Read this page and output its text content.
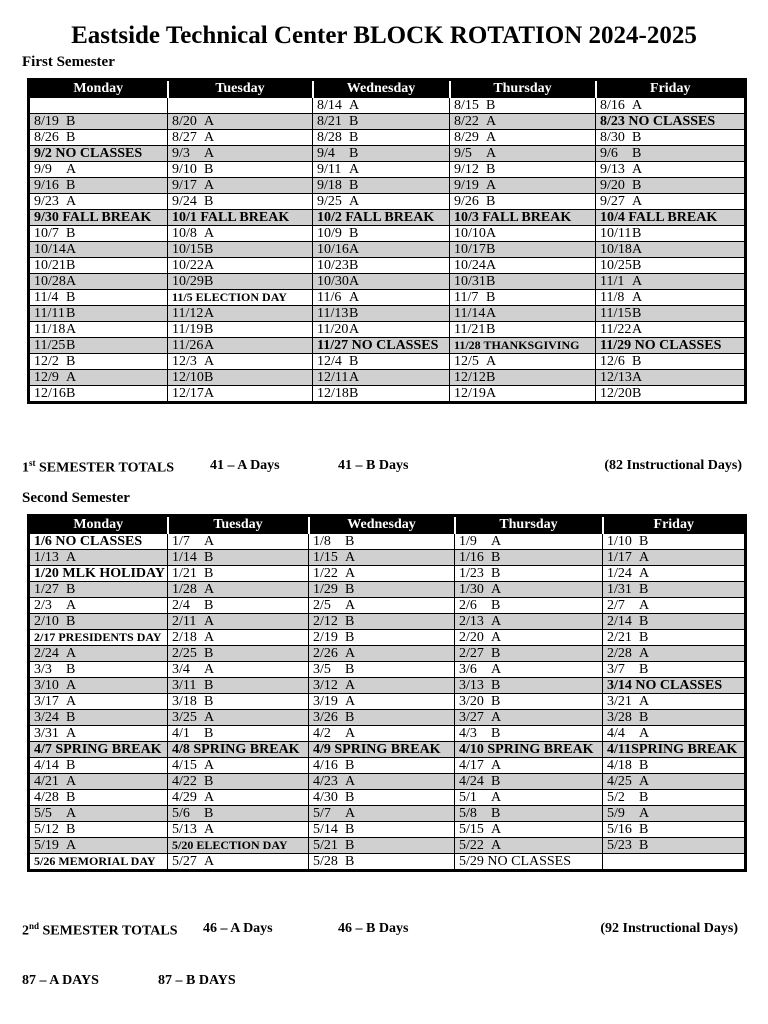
Eastside Technical Center BLOCK ROTATION 2024-2025
First Semester
Monday	Tuesday	Wednesday	Thursday	Friday
		8/14 A	8/15 B	8/16 A
8/19 B	8/20 A	8/21 B	8/22 A	8/23 NO CLASSES
8/26 B	8/27 A	8/28 B	8/29 A	8/30 B
9/2 NO CLASSES	9/3 A	9/4 B	9/5 A	9/6 B
9/9 A	9/10 B	9/11 A	9/12 B	9/13 A
9/16 B	9/17 A	9/18 B	9/19 A	9/20 B
9/23 A	9/24 B	9/25 A	9/26 B	9/27 A
9/30 FALL BREAK	10/1 FALL BREAK	10/2 FALL BREAK	10/3 FALL BREAK	10/4 FALL BREAK
10/7 B	10/8 A	10/9 B	10/10A	10/11B
10/14A	10/15B	10/16A	10/17B	10/18A
10/21B	10/22A	10/23B	10/24A	10/25B
10/28A	10/29B	10/30A	10/31B	11/1 A
11/4 B	11/5 ELECTION DAY	11/6 A	11/7 B	11/8 A
11/11B	11/12A	11/13B	11/14A	11/15B
11/18A	11/19B	11/20A	11/21B	11/22A
11/25B	11/26A	11/27 NO CLASSES	11/28 THANKSGIVING	11/29 NO CLASSES
12/2 B	12/3 A	12/4 B	12/5 A	12/6 B
12/9 A	12/10B	12/11A	12/12B	12/13A
12/16B	12/17A	12/18B	12/19A	12/20B
1st SEMESTER TOTALS	41 – A Days	41 – B Days	(82 Instructional Days)
Second Semester
Monday	Tuesday	Wednesday	Thursday	Friday
1/6 NO CLASSES	1/7 A	1/8 B	1/9 A	1/10 B
1/13 A	1/14 B	1/15 A	1/16 B	1/17 A
1/20 MLK HOLIDAY	1/21 B	1/22 A	1/23 B	1/24 A
1/27 B	1/28 A	1/29 B	1/30 A	1/31 B
2/3 A	2/4 B	2/5 A	2/6 B	2/7 A
2/10 B	2/11 A	2/12 B	2/13 A	2/14 B
2/17 PRESIDENTS DAY	2/18 A	2/19 B	2/20 A	2/21 B
2/24 A	2/25 B	2/26 A	2/27 B	2/28 A
3/3 B	3/4 A	3/5 B	3/6 A	3/7 B
3/10 A	3/11 B	3/12 A	3/13 B	3/14 NO CLASSES
3/17 A	3/18 B	3/19 A	3/20 B	3/21 A
3/24 B	3/25 A	3/26 B	3/27 A	3/28 B
3/31 A	4/1 B	4/2 A	4/3 B	4/4 A
4/7 SPRING BREAK	4/8 SPRING BREAK	4/9 SPRING BREAK	4/10 SPRING BREAK	4/11SPRING BREAK
4/14 B	4/15 A	4/16 B	4/17 A	4/18 B
4/21 A	4/22 B	4/23 A	4/24 B	4/25 A
4/28 B	4/29 A	4/30 B	5/1 A	5/2 B
5/5 A	5/6 B	5/7 A	5/8 B	5/9 A
5/12 B	5/13 A	5/14 B	5/15 A	5/16 B
5/19 A	5/20 ELECTION DAY	5/21 B	5/22 A	5/23 B
5/26 MEMORIAL DAY	5/27 A	5/28 B	5/29 NO CLASSES	
2nd SEMESTER TOTALS 46 – A Days	46 – B Days	(92 Instructional Days)
87 – A DAYS	87 – B DAYS
